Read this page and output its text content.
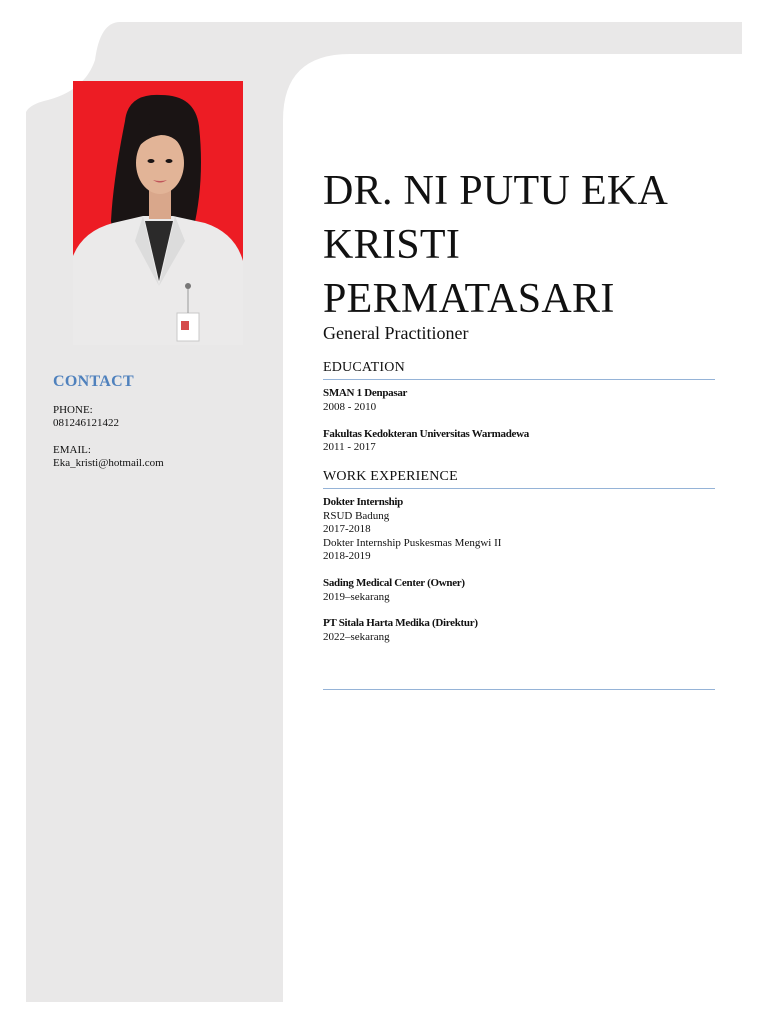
CONTACT
PHONE:
081246121422
EMAIL:
Eka_kristi@hotmail.com
DR. NI PUTU EKA
KRISTI
PERMATASARI
General Practitioner
EDUCATION
SMAN 1 Denpasar
2008 - 2010
Fakultas Kedokteran Universitas Warmadewa
2011 - 2017
WORK EXPERIENCE
Dokter Internship
RSUD Badung
2017-2018
Dokter Internship Puskesmas Mengwi II
2018-2019
Sading Medical Center (Owner)
2019–sekarang
PT Sitala Harta Medika (Direktur)
2022–sekarang
